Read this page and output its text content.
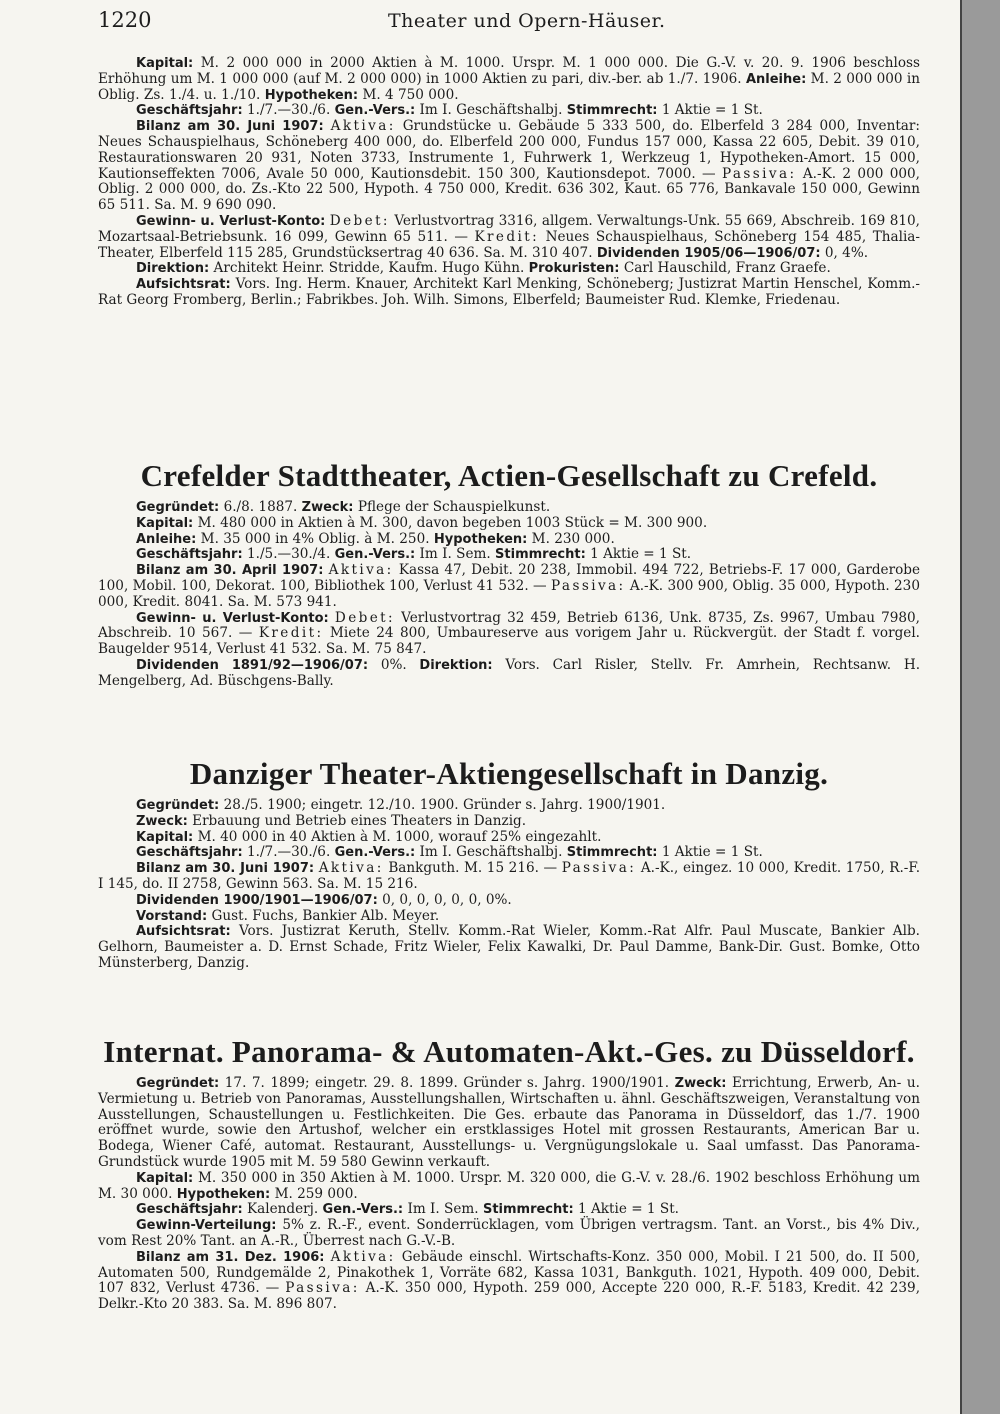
1220	Theater und Opern-Häuser.

Kapital: M. 2 000 000 in 2000 Aktien à M. 1000. Urspr. M. 1 000 000. Die G.-V. v. 20. 9. 1906 beschloss Erhöhung um M. 1 000 000 (auf M. 2 000 000) in 1000 Aktien zu pari, div.-ber. ab 1./7. 1906. Anleihe: M. 2 000 000 in Oblig. Zs. 1./4. u. 1./10. Hypotheken: M. 4 750 000.

Geschäftsjahr: 1./7.—30./6. Gen.-Vers.: Im I. Geschäftshalbj. Stimmrecht: 1 Aktie = 1 St.

Bilanz am 30. Juni 1907: Aktiva: Grundstücke u. Gebäude 5 333 500, do. Elberfeld 3 284 000, Inventar: Neues Schauspielhaus, Schöneberg 400 000, do. Elberfeld 200 000, Fundus 157 000, Kassa 22 605, Debit. 39 010, Restaurationswaren 20 931, Noten 3733, Instrumente 1, Fuhrwerk 1, Werkzeug 1, Hypotheken-Amort. 15 000, Kautionseffekten 7006, Avale 50 000, Kautionsdebit. 150 300, Kautionsdepot. 7000. — Passiva: A.-K. 2 000 000, Oblig. 2 000 000, do. Zs.-Kto 22 500, Hypoth. 4 750 000, Kredit. 636 302, Kaut. 65 776, Bankavale 150 000, Gewinn 65 511. Sa. M. 9 690 090.

Gewinn- u. Verlust-Konto: Debet: Verlustvortrag 3316, allgem. Verwaltungs-Unk. 55 669, Abschreib. 169 810, Mozartsaal-Betriebsunk. 16 099, Gewinn 65 511. — Kredit: Neues Schauspielhaus, Schöneberg 154 485, Thalia-Theater, Elberfeld 115 285, Grundstücksertrag 40 636. Sa. M. 310 407. Dividenden 1905/06—1906/07: 0, 4%.

Direktion: Architekt Heinr. Stridde, Kaufm. Hugo Kühn. Prokuristen: Carl Hauschild, Franz Graefe.

Aufsichtsrat: Vors. Ing. Herm. Knauer, Architekt Karl Menking, Schöneberg; Justizrat Martin Henschel, Komm.-Rat Georg Fromberg, Berlin.; Fabrikbes. Joh. Wilh. Simons, Elberfeld; Baumeister Rud. Klemke, Friedenau.

Crefelder Stadttheater, Actien-Gesellschaft zu Crefeld.

Gegründet: 6./8. 1887. Zweck: Pflege der Schauspielkunst.

Kapital: M. 480 000 in Aktien à M. 300, davon begeben 1003 Stück = M. 300 900.

Anleihe: M. 35 000 in 4% Oblig. à M. 250. Hypotheken: M. 230 000.

Geschäftsjahr: 1./5.—30./4. Gen.-Vers.: Im I. Sem. Stimmrecht: 1 Aktie = 1 St.

Bilanz am 30. April 1907: Aktiva: Kassa 47, Debit. 20 238, Immobil. 494 722, Betriebs-F. 17 000, Garderobe 100, Mobil. 100, Dekorat. 100, Bibliothek 100, Verlust 41 532. — Passiva: A.-K. 300 900, Oblig. 35 000, Hypoth. 230 000, Kredit. 8041. Sa. M. 573 941.

Gewinn- u. Verlust-Konto: Debet: Verlustvortrag 32 459, Betrieb 6136, Unk. 8735, Zs. 9967, Umbau 7980, Abschreib. 10 567. — Kredit: Miete 24 800, Umbaureserve aus vorigem Jahr u. Rückvergüt. der Stadt f. vorgel. Baugelder 9514, Verlust 41 532. Sa. M. 75 847.

Dividenden 1891/92—1906/07: 0%. Direktion: Vors. Carl Risler, Stellv. Fr. Amrhein, Rechtsanw. H. Mengelberg, Ad. Büschgens-Bally.

Danziger Theater-Aktiengesellschaft in Danzig.

Gegründet: 28./5. 1900; eingetr. 12./10. 1900. Gründer s. Jahrg. 1900/1901.

Zweck: Erbauung und Betrieb eines Theaters in Danzig.

Kapital: M. 40 000 in 40 Aktien à M. 1000, worauf 25% eingezahlt.

Geschäftsjahr: 1./7.—30./6. Gen.-Vers.: Im I. Geschäftshalbj. Stimmrecht: 1 Aktie = 1 St.

Bilanz am 30. Juni 1907: Aktiva: Bankguth. M. 15 216. — Passiva: A.-K., eingez. 10 000, Kredit. 1750, R.-F. I 145, do. II 2758, Gewinn 563. Sa. M. 15 216.

Dividenden 1900/1901—1906/07: 0, 0, 0, 0, 0, 0, 0%.

Vorstand: Gust. Fuchs, Bankier Alb. Meyer.

Aufsichtsrat: Vors. Justizrat Keruth, Stellv. Komm.-Rat Wieler, Komm.-Rat Alfr. Paul Muscate, Bankier Alb. Gelhorn, Baumeister a. D. Ernst Schade, Fritz Wieler, Felix Kawalki, Dr. Paul Damme, Bank-Dir. Gust. Bomke, Otto Münsterberg, Danzig.

Internat. Panorama- & Automaten-Akt.-Ges. zu Düsseldorf.

Gegründet: 17. 7. 1899; eingetr. 29. 8. 1899. Gründer s. Jahrg. 1900/1901. Zweck: Errichtung, Erwerb, An- u. Vermietung u. Betrieb von Panoramas, Ausstellungshallen, Wirtschaften u. ähnl. Geschäftszweigen, Veranstaltung von Ausstellungen, Schaustellungen u. Festlichkeiten. Die Ges. erbaute das Panorama in Düsseldorf, das 1./7. 1900 eröffnet wurde, sowie den Artushof, welcher ein erstklassiges Hotel mit grossen Restaurants, American Bar u. Bodega, Wiener Café, automat. Restaurant, Ausstellungs- u. Vergnügungslokale u. Saal umfasst. Das Panorama-Grundstück wurde 1905 mit M. 59 580 Gewinn verkauft.

Kapital: M. 350 000 in 350 Aktien à M. 1000. Urspr. M. 320 000, die G.-V. v. 28./6. 1902 beschloss Erhöhung um M. 30 000. Hypotheken: M. 259 000.

Geschäftsjahr: Kalenderj. Gen.-Vers.: Im I. Sem. Stimmrecht: 1 Aktie = 1 St.

Gewinn-Verteilung: 5% z. R.-F., event. Sonderrücklagen, vom Übrigen vertragsm. Tant. an Vorst., bis 4% Div., vom Rest 20% Tant. an A.-R., Überrest nach G.-V.-B.

Bilanz am 31. Dez. 1906: Aktiva: Gebäude einschl. Wirtschafts-Konz. 350 000, Mobil. I 21 500, do. II 500, Automaten 500, Rundgemälde 2, Pinakothek 1, Vorräte 682, Kassa 1031, Bankguth. 1021, Hypoth. 409 000, Debit. 107 832, Verlust 4736. — Passiva: A.-K. 350 000, Hypoth. 259 000, Accepte 220 000, R.-F. 5183, Kredit. 42 239, Delkr.-Kto 20 383. Sa. M. 896 807.
